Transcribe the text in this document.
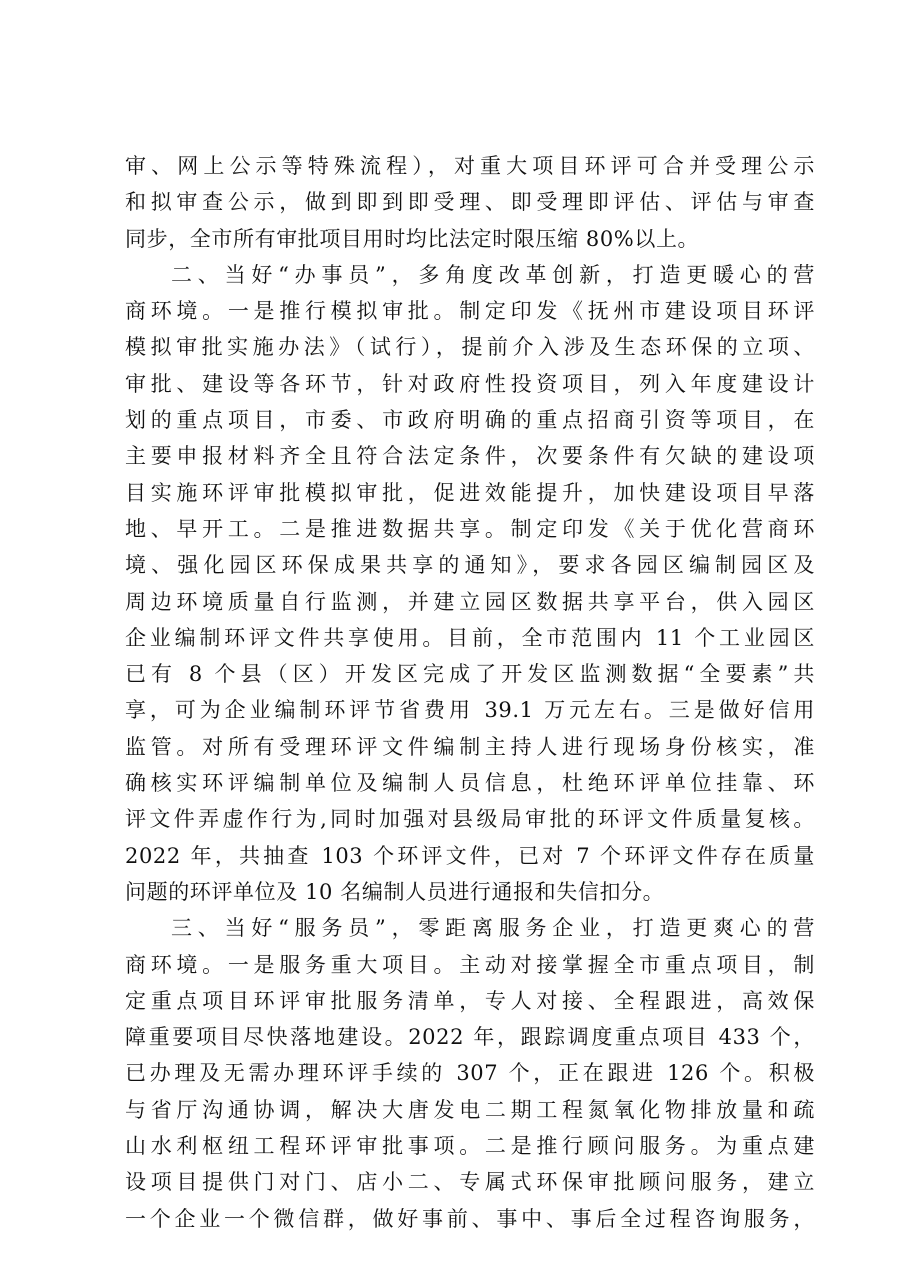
审、网上公示等特殊流程），对重大项目环评可合并受理公示
和拟审查公示，做到即到即受理、即受理即评估、评估与审查
同步，全市所有审批项目用时均比法定时限压缩 80%以上。
二、当好“办事员”，多角度改革创新，打造更暖心的营
商环境。一是推行模拟审批。制定印发《抚州市建设项目环评
模拟审批实施办法》（试行），提前介入涉及生态环保的立项、
审批、建设等各环节，针对政府性投资项目，列入年度建设计
划的重点项目，市委、市政府明确的重点招商引资等项目，在
主要申报材料齐全且符合法定条件，次要条件有欠缺的建设项
目实施环评审批模拟审批，促进效能提升，加快建设项目早落
地、早开工。二是推进数据共享。制定印发《关于优化营商环
境、强化园区环保成果共享的通知》，要求各园区编制园区及
周边环境质量自行监测，并建立园区数据共享平台，供入园区
企业编制环评文件共享使用。目前，全市范围内 11 个工业园区
已有 8 个县（区）开发区完成了开发区监测数据“全要素”共
享，可为企业编制环评节省费用 39.1 万元左右。三是做好信用
监管。对所有受理环评文件编制主持人进行现场身份核实，准
确核实环评编制单位及编制人员信息，杜绝环评单位挂靠、环
评文件弄虚作行为,同时加强对县级局审批的环评文件质量复核。
2022 年，共抽查 103 个环评文件，已对 7 个环评文件存在质量
问题的环评单位及 10 名编制人员进行通报和失信扣分。
三、当好“服务员”，零距离服务企业，打造更爽心的营
商环境。一是服务重大项目。主动对接掌握全市重点项目，制
定重点项目环评审批服务清单，专人对接、全程跟进，高效保
障重要项目尽快落地建设。2022 年，跟踪调度重点项目 433 个，
已办理及无需办理环评手续的 307 个，正在跟进 126 个。积极
与省厅沟通协调，解决大唐发电二期工程氮氧化物排放量和疏
山水利枢纽工程环评审批事项。二是推行顾问服务。为重点建
设项目提供门对门、店小二、专属式环保审批顾问服务，建立
一个企业一个微信群，做好事前、事中、事后全过程咨询服务，
